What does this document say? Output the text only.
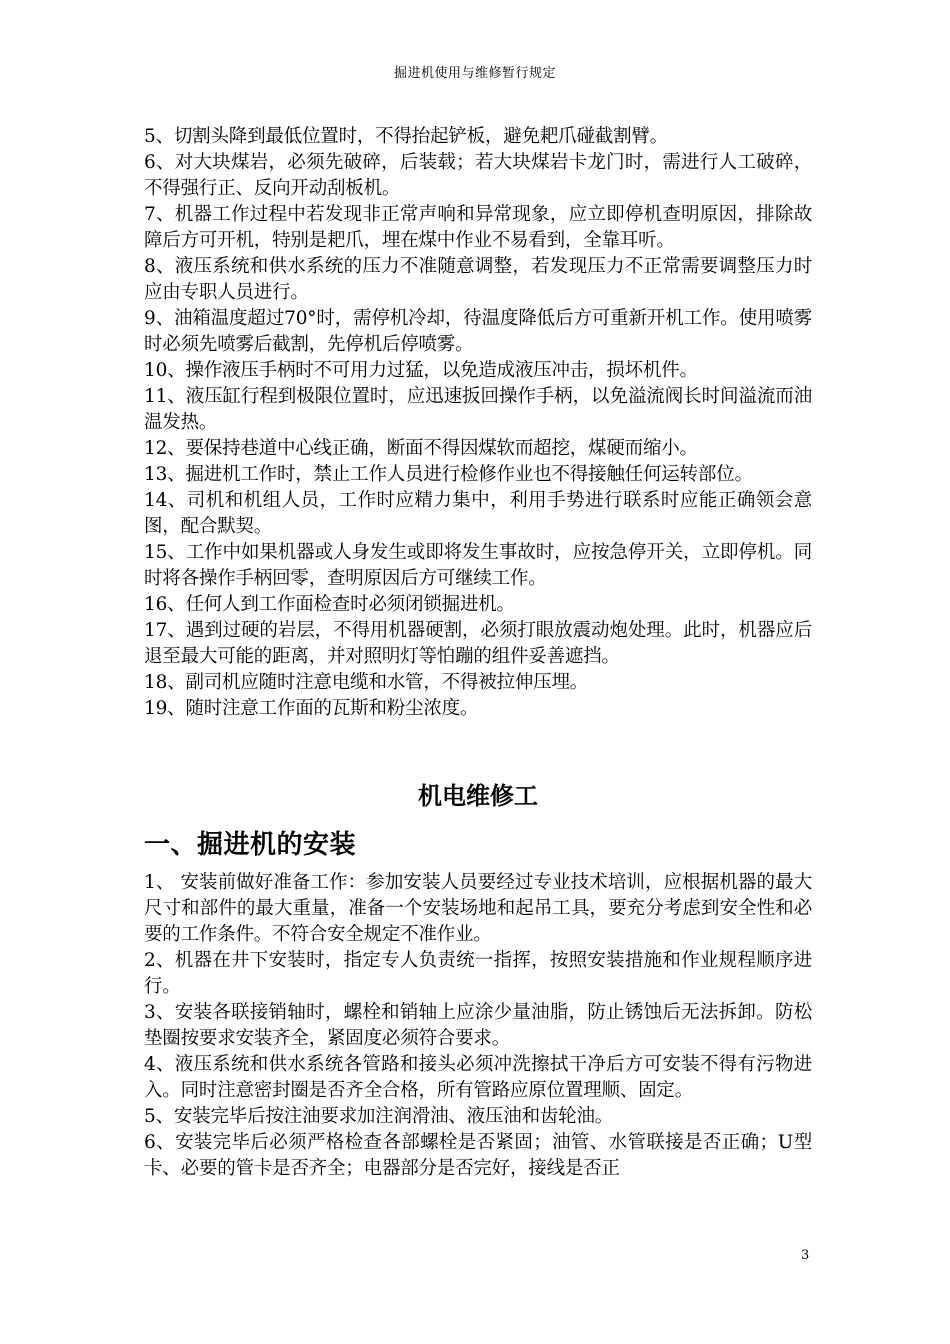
掘进机使用与维修暂行规定

5、切割头降到最低位置时，不得抬起铲板，避免耙爪碰截割臂。

6、对大块煤岩，必须先破碎，后装载；若大块煤岩卡龙门时，需进行人工破碎，不得强行正、反向开动刮板机。

7、机器工作过程中若发现非正常声响和异常现象，应立即停机查明原因，排除故障后方可开机，特别是耙爪，埋在煤中作业不易看到，全靠耳听。

8、液压系统和供水系统的压力不准随意调整，若发现压力不正常需要调整压力时应由专职人员进行。

9、油箱温度超过70°时，需停机冷却，待温度降低后方可重新开机工作。使用喷雾时必须先喷雾后截割，先停机后停喷雾。

10、操作液压手柄时不可用力过猛，以免造成液压冲击，损坏机件。

11、液压缸行程到极限位置时，应迅速扳回操作手柄，以免溢流阀长时间溢流而油温发热。

12、要保持巷道中心线正确，断面不得因煤软而超挖，煤硬而缩小。

13、掘进机工作时，禁止工作人员进行检修作业也不得接触任何运转部位。

14、司机和机组人员，工作时应精力集中，利用手势进行联系时应能正确领会意图，配合默契。

15、工作中如果机器或人身发生或即将发生事故时，应按急停开关，立即停机。同时将各操作手柄回零，查明原因后方可继续工作。

16、任何人到工作面检查时必须闭锁掘进机。

17、遇到过硬的岩层，不得用机器硬割，必须打眼放震动炮处理。此时，机器应后退至最大可能的距离，并对照明灯等怕蹦的组件妥善遮挡。

18、副司机应随时注意电缆和水管，不得被拉伸压埋。

19、随时注意工作面的瓦斯和粉尘浓度。

机电维修工
一、掘进机的安装

1、 安装前做好准备工作：参加安装人员要经过专业技术培训，应根据机器的最大尺寸和部件的最大重量，准备一个安装场地和起吊工具，要充分考虑到安全性和必要的工作条件。不符合安全规定不准作业。

2、机器在井下安装时，指定专人负责统一指挥，按照安装措施和作业规程顺序进行。

3、安装各联接销轴时，螺栓和销轴上应涂少量油脂，防止锈蚀后无法拆卸。防松垫圈按要求安装齐全，紧固度必须符合要求。

4、液压系统和供水系统各管路和接头必须冲洗擦拭干净后方可安装不得有污物进入。同时注意密封圈是否齐全合格，所有管路应原位置理顺、固定。

5、安装完毕后按注油要求加注润滑油、液压油和齿轮油。

6、安装完毕后必须严格检查各部螺栓是否紧固；油管、水管联接是否正确；U型卡、必要的管卡是否齐全；电器部分是否完好，接线是否正

3
